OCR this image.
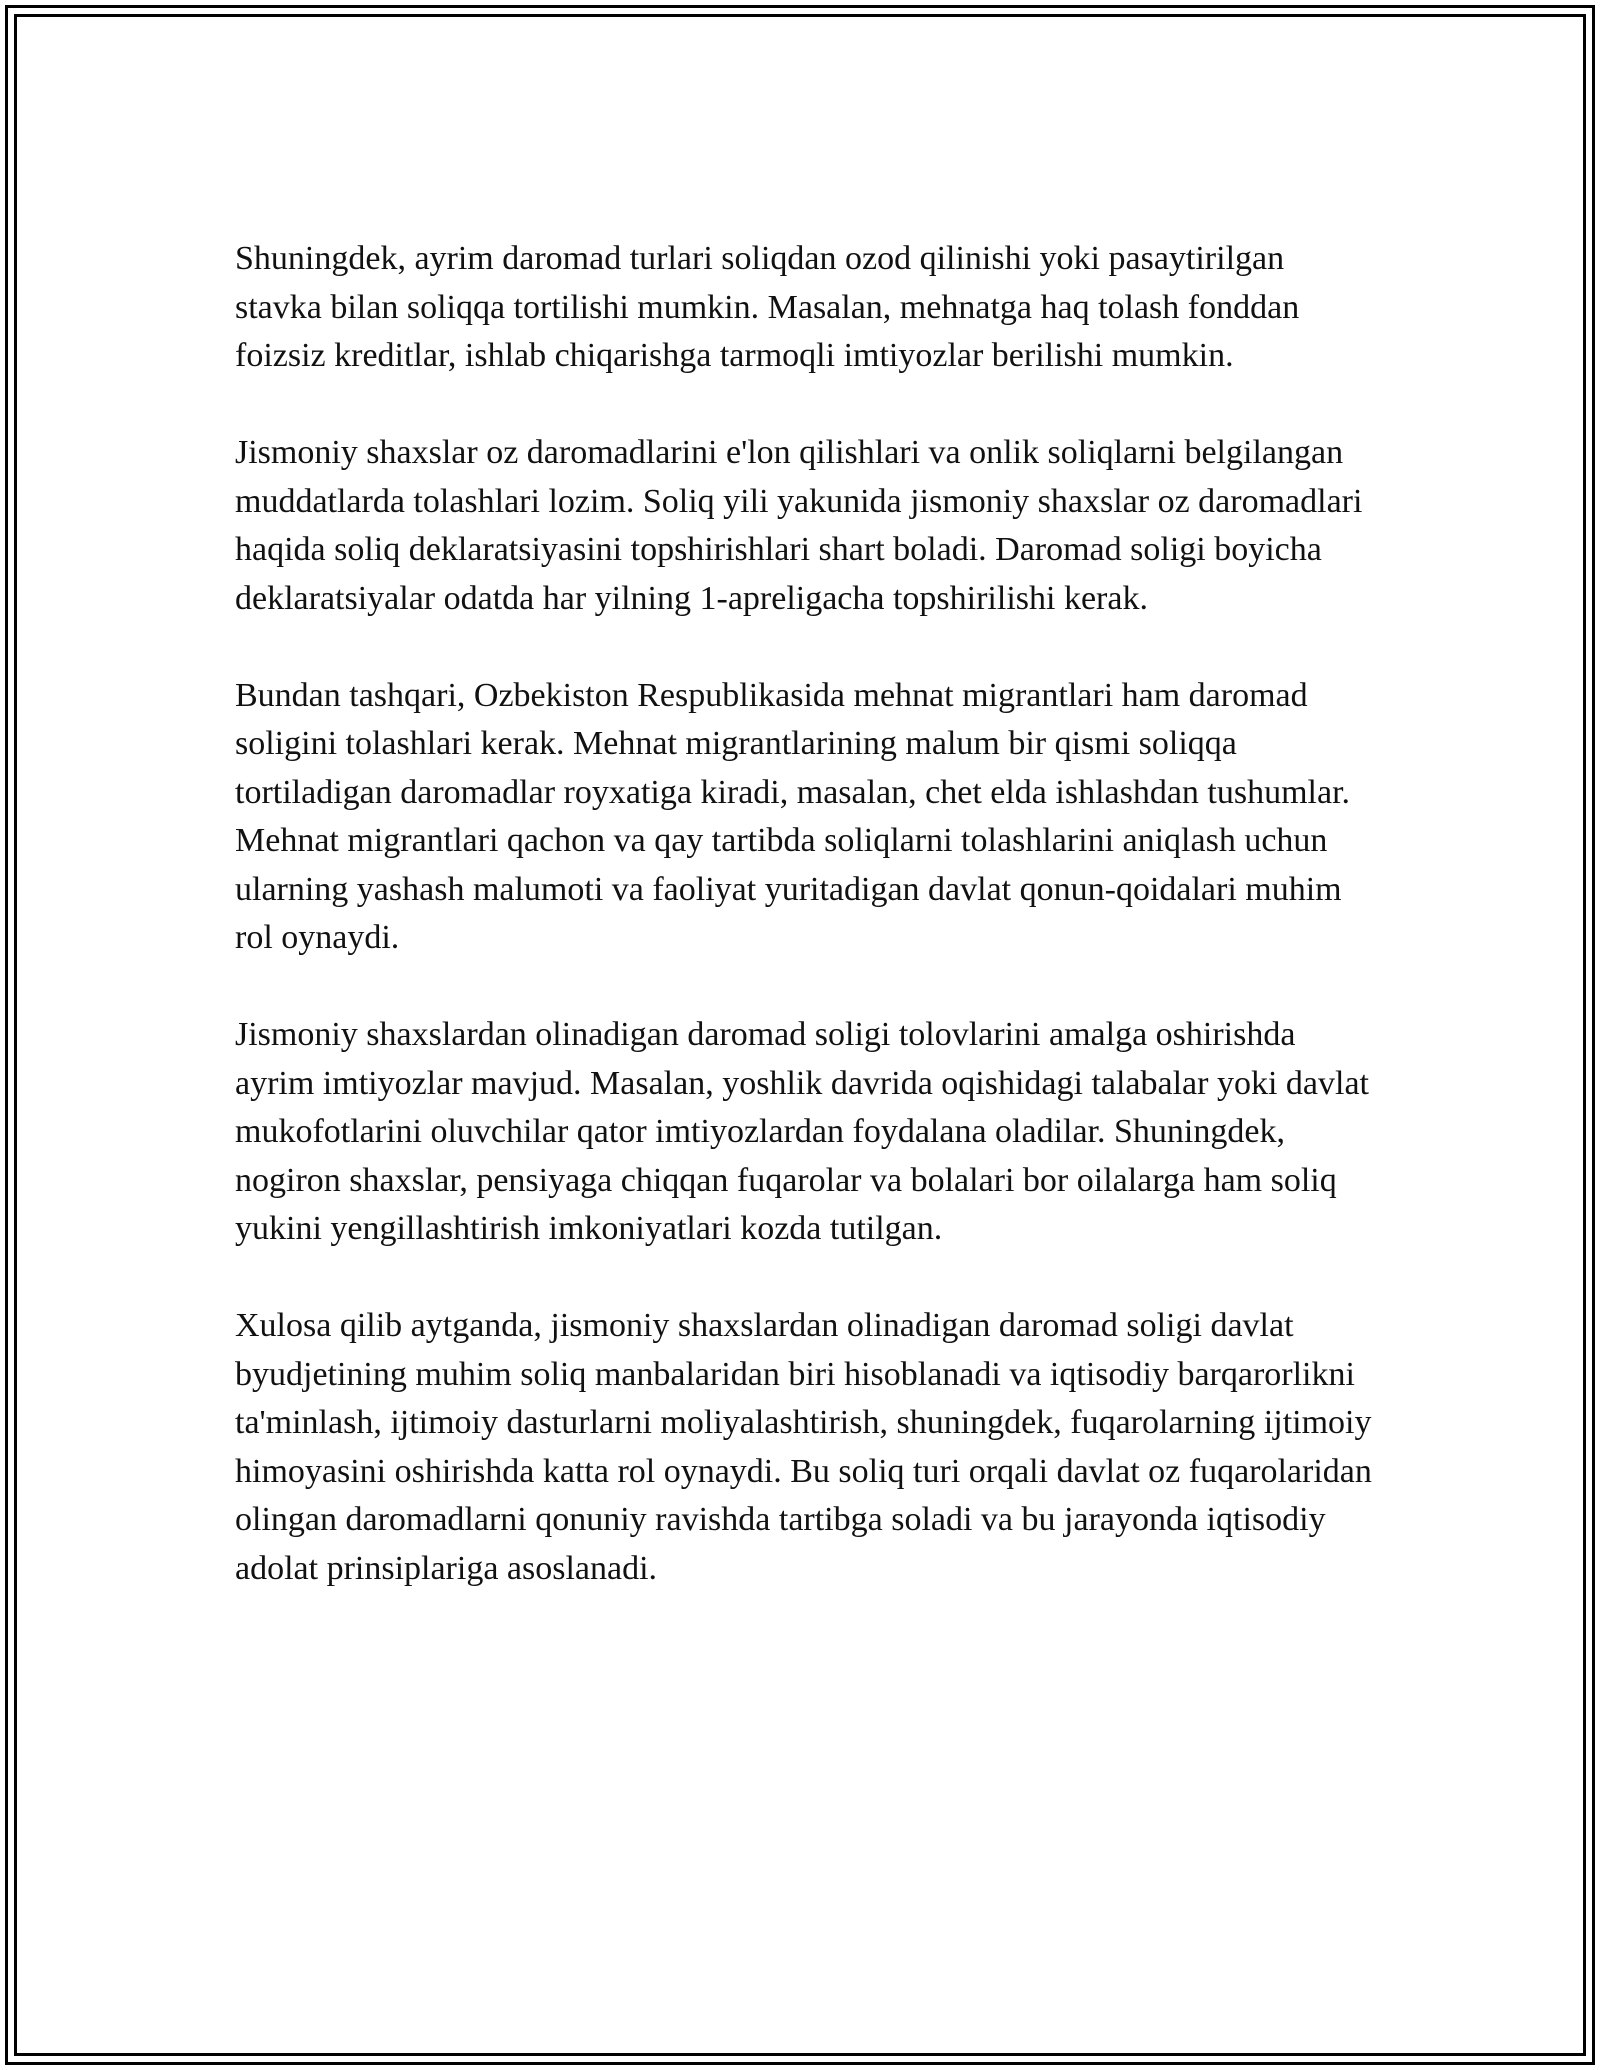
Shuningdek, ayrim daromad turlari soliqdan ozod qilinishi yoki pasaytirilgan stavka bilan soliqqa tortilishi mumkin. Masalan, mehnatga haq tolash fonddan foizsiz kreditlar, ishlab chiqarishga tarmoqli imtiyozlar berilishi mumkin.

Jismoniy shaxslar oz daromadlarini e'lon qilishlari va onlik soliqlarni belgilangan muddatlarda tolashlari lozim. Soliq yili yakunida jismoniy shaxslar oz daromadlari haqida soliq deklaratsiyasini topshirishlari shart boladi. Daromad soligi boyicha deklaratsiyalar odatda har yilning 1-apreligacha topshirilishi kerak.

Bundan tashqari, Ozbekiston Respublikasida mehnat migrantlari ham daromad soligini tolashlari kerak. Mehnat migrantlarining malum bir qismi soliqqa tortiladigan daromadlar royxatiga kiradi, masalan, chet elda ishlashdan tushumlar. Mehnat migrantlari qachon va qay tartibda soliqlarni tolashlarini aniqlash uchun ularning yashash malumoti va faoliyat yuritadigan davlat qonun-qoidalari muhim rol oynaydi.

Jismoniy shaxslardan olinadigan daromad soligi tolovlarini amalga oshirishda ayrim imtiyozlar mavjud. Masalan, yoshlik davrida oqishidagi talabalar yoki davlat mukofotlarini oluvchilar qator imtiyozlardan foydalana oladilar. Shuningdek, nogiron shaxslar, pensiyaga chiqqan fuqarolar va bolalari bor oilalarga ham soliq yukini yengillashtirish imkoniyatlari kozda tutilgan.

Xulosa qilib aytganda, jismoniy shaxslardan olinadigan daromad soligi davlat byudjetining muhim soliq manbalaridan biri hisoblanadi va iqtisodiy barqarorlikni ta'minlash, ijtimoiy dasturlarni moliyalashtirish, shuningdek, fuqarolarning ijtimoiy himoyasini oshirishda katta rol oynaydi. Bu soliq turi orqali davlat oz fuqarolaridan olingan daromadlarni qonuniy ravishda tartibga soladi va bu jarayonda iqtisodiy adolat prinsiplariga asoslanadi.
